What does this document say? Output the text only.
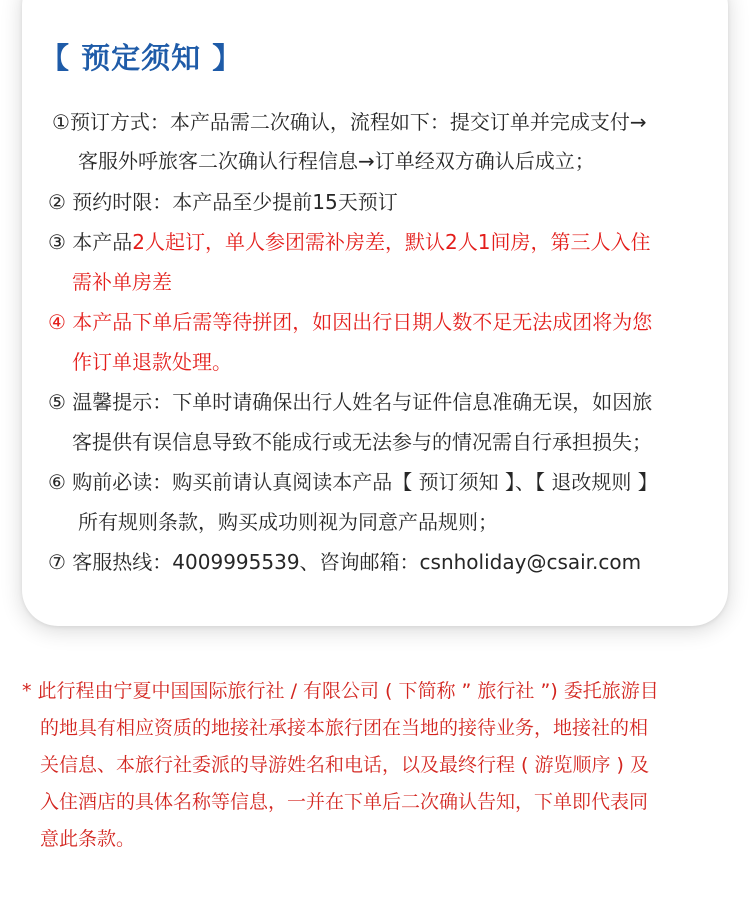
【 预定须知 】
①预订方式：本产品需二次确认，流程如下：提交订单并完成支付→
客服外呼旅客二次确认行程信息→订单经双方确认后成立；
② 预约时限：本产品至少提前15天预订
③ 本产品2人起订，单人参团需补房差，默认2人1间房，第三人入住
需补单房差
④ 本产品下单后需等待拼团，如因出行日期人数不足无法成团将为您
作订单退款处理。
⑤ 温馨提示：下单时请确保出行人姓名与证件信息准确无误，如因旅
客提供有误信息导致不能成行或无法参与的情况需自行承担损失；
⑥ 购前必读：购买前请认真阅读本产品【 预订须知 】、【 退改规则 】
所有规则条款，购买成功则视为同意产品规则；
⑦ 客服热线：4009995539、咨询邮箱：csnholiday@csair.com
* 此行程由宁夏中国国际旅行社 / 有限公司 ( 下简称 ” 旅行社 ”) 委托旅游目
的地具有相应资质的地接社承接本旅行团在当地的接待业务，地接社的相
关信息、本旅行社委派的导游姓名和电话，以及最终行程 ( 游览顺序 ) 及
入住酒店的具体名称等信息，一并在下单后二次确认告知，下单即代表同
意此条款。
